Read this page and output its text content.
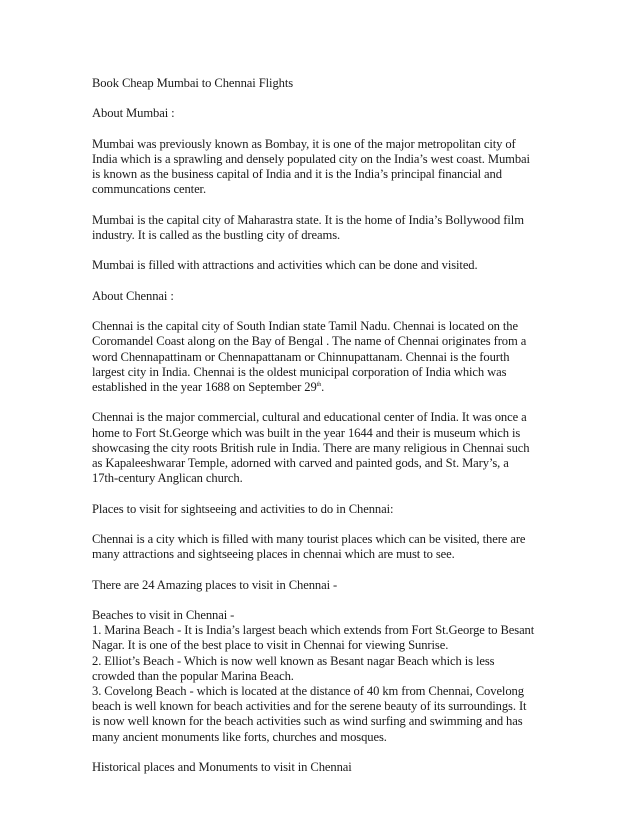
Book Cheap Mumbai to Chennai Flights

About Mumbai :

Mumbai was previously known as Bombay, it is one of the major metropolitan city of
India which is a sprawling and densely populated city on the India’s west coast. Mumbai
is known as the business capital of India and it is the India’s principal financial and
communcations center.

Mumbai is the capital city of Maharastra state. It is the home of India’s Bollywood film
industry. It is called as the bustling city of dreams.

Mumbai is filled with attractions and activities which can be done and visited.

About Chennai :

Chennai is the capital city of South Indian state Tamil Nadu. Chennai is located on the
Coromandel Coast along on the Bay of Bengal . The name of Chennai originates from a
word Chennapattinam or Chennapattanam or Chinnupattanam. Chennai is the fourth
largest city in India. Chennai is the oldest municipal corporation of India which was
established in the year 1688 on September 29th.

Chennai is the major commercial, cultural and educational center of India. It was once a
home to Fort St.George which was built in the year 1644 and their is museum which is
showcasing the city roots British rule in India. There are many religious in Chennai such
as Kapaleeshwarar Temple, adorned with carved and painted gods, and St. Mary’s, a
17th-century Anglican church.

Places to visit for sightseeing and activities to do in Chennai:

Chennai is a city which is filled with many tourist places which can be visited, there are
many attractions and sightseeing places in chennai which are must to see.

There are 24 Amazing places to visit in Chennai -

Beaches to visit in Chennai -
1. Marina Beach - It is India’s largest beach which extends from Fort St.George to Besant
Nagar. It is one of the best place to visit in Chennai for viewing Sunrise.
2. Elliot’s Beach - Which is now well known as Besant nagar Beach which is less
crowded than the popular Marina Beach.
3. Covelong Beach - which is located at the distance of 40 km from Chennai, Covelong
beach is well known for beach activities and for the serene beauty of its surroundings. It
is now well known for the beach activities such as wind surfing and swimming and has
many ancient monuments like forts, churches and mosques.

Historical places and Monuments to visit in Chennai
